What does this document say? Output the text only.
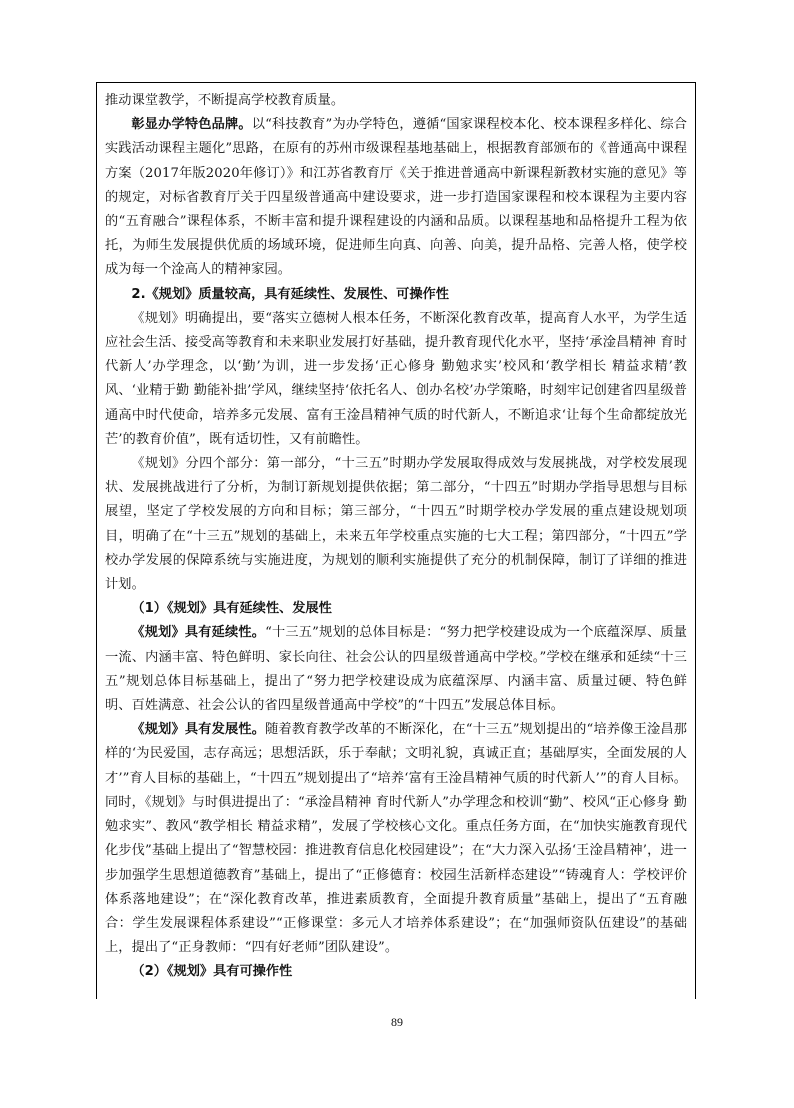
推动课堂教学，不断提高学校教育质量。

彰显办学特色品牌。以“科技教育”为办学特色，遵循“国家课程校本化、校本课程多样化、综合实践活动课程主题化”思路，在原有的苏州市级课程基地基础上，根据教育部颁布的《普通高中课程方案（2017年版2020年修订）》和江苏省教育厅《关于推进普通高中新课程新教材实施的意见》等的规定，对标省教育厅关于四星级普通高中建设要求，进一步打造国家课程和校本课程为主要内容的“五育融合”课程体系，不断丰富和提升课程建设的内涵和品质。以课程基地和品格提升工程为依托，为师生发展提供优质的场域环境，促进师生向真、向善、向美，提升品格、完善人格，使学校成为每一个淦高人的精神家园。

2.《规划》质量较高，具有延续性、发展性、可操作性

《规划》明确提出，要“落实立德树人根本任务，不断深化教育改革，提高育人水平，为学生适应社会生活、接受高等教育和未来职业发展打好基础，提升教育现代化水平，坚持‘承淦昌精神 育时代新人’办学理念，以‘勤’为训，进一步发扬‘正心修身 勤勉求实’校风和‘教学相长 精益求精’教风、‘业精于勤 勤能补拙’学风，继续坚持‘依托名人、创办名校’办学策略，时刻牢记创建省四星级普通高中时代使命，培养多元发展、富有王淦昌精神气质的时代新人，不断追求‘让每个生命都绽放光芒’的教育价值”，既有适切性，又有前瞻性。

《规划》分四个部分：第一部分，“十三五”时期办学发展取得成效与发展挑战，对学校发展现状、发展挑战进行了分析，为制订新规划提供依据；第二部分，“十四五”时期办学指导思想与目标展望，坚定了学校发展的方向和目标；第三部分，“十四五”时期学校办学发展的重点建设规划项目，明确了在“十三五”规划的基础上，未来五年学校重点实施的七大工程；第四部分，“十四五”学校办学发展的保障系统与实施进度，为规划的顺利实施提供了充分的机制保障，制订了详细的推进计划。

（1）《规划》具有延续性、发展性

《规划》具有延续性。“十三五”规划的总体目标是：“努力把学校建设成为一个底蕴深厚、质量一流、内涵丰富、特色鲜明、家长向往、社会公认的四星级普通高中学校。”学校在继承和延续“十三五”规划总体目标基础上，提出了“努力把学校建设成为底蕴深厚、内涵丰富、质量过硬、特色鲜明、百姓满意、社会公认的省四星级普通高中学校”的“十四五”发展总体目标。

《规划》具有发展性。随着教育教学改革的不断深化，在“十三五”规划提出的“培养像王淦昌那样的‘为民爱国，志存高远；思想活跃，乐于奉献；文明礼貌，真诚正直；基础厚实，全面发展的人才’”育人目标的基础上，“十四五”规划提出了“培养‘富有王淦昌精神气质的时代新人’”的育人目标。同时，《规划》与时俱进提出了：“承淦昌精神 育时代新人”办学理念和校训“勤”、校风“正心修身 勤勉求实”、教风“教学相长 精益求精”，发展了学校核心文化。重点任务方面，在“加快实施教育现代化步伐”基础上提出了“智慧校园：推进教育信息化校园建设”；在“大力深入弘扬‘王淦昌精神’，进一步加强学生思想道德教育”基础上，提出了“正修德育：校园生活新样态建设”“铸魂育人：学校评价体系落地建设”；在“深化教育改革，推进素质教育，全面提升教育质量”基础上，提出了“五育融合：学生发展课程体系建设”“正修课堂：多元人才培养体系建设”；在“加强师资队伍建设”的基础上，提出了“正身教师：“四有好老师”团队建设”。

（2）《规划》具有可操作性

89
